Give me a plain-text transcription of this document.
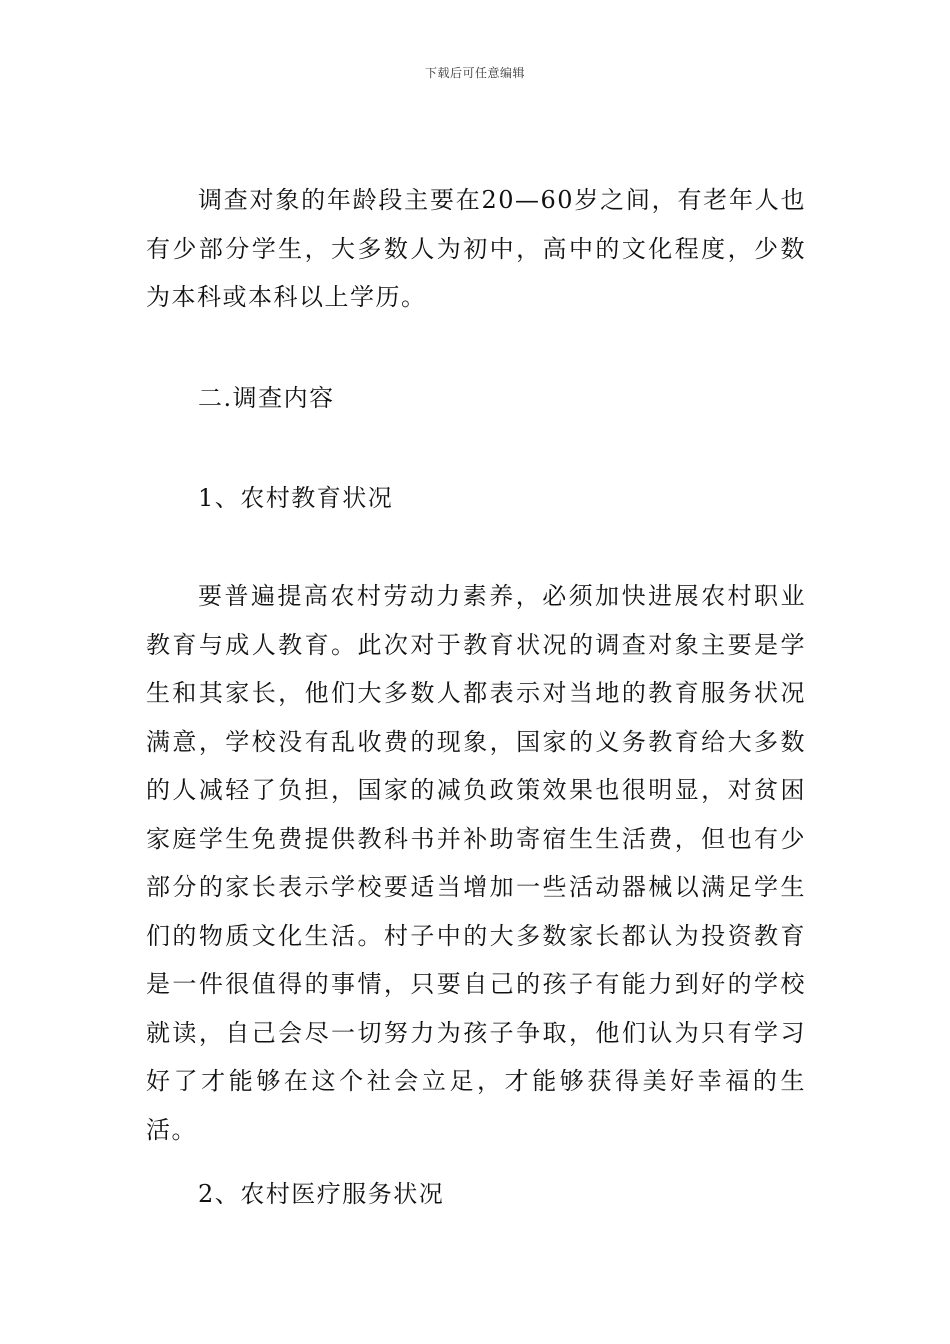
下载后可任意编辑

调查对象的年龄段主要在20—60岁之间，有老年人也有少部分学生，大多数人为初中，高中的文化程度，少数为本科或本科以上学历。

二.调查内容

1、农村教育状况

要普遍提高农村劳动力素养，必须加快进展农村职业教育与成人教育。此次对于教育状况的调查对象主要是学生和其家长，他们大多数人都表示对当地的教育服务状况满意，学校没有乱收费的现象，国家的义务教育给大多数的人减轻了负担，国家的减负政策效果也很明显，对贫困家庭学生免费提供教科书并补助寄宿生生活费，但也有少部分的家长表示学校要适当增加一些活动器械以满足学生们的物质文化生活。村子中的大多数家长都认为投资教育是一件很值得的事情，只要自己的孩子有能力到好的学校就读，自己会尽一切努力为孩子争取，他们认为只有学习好了才能够在这个社会立足，才能够获得美好幸福的生活。

2、农村医疗服务状况
